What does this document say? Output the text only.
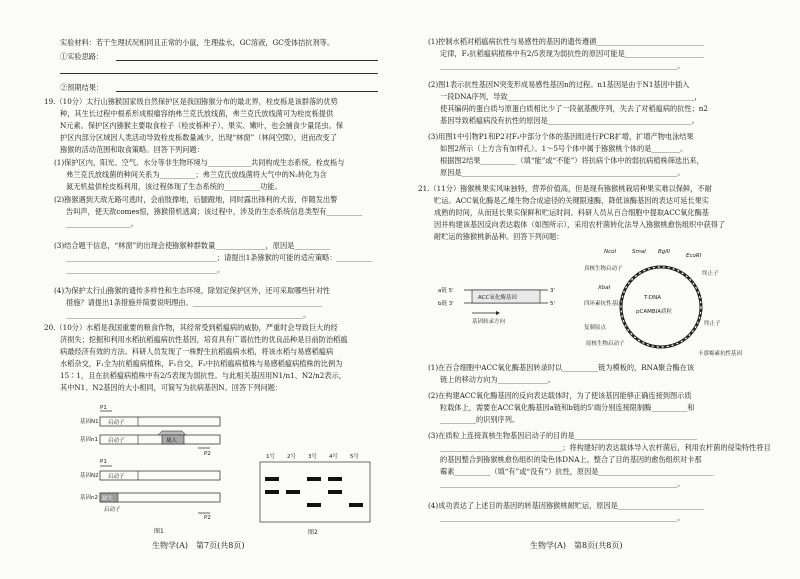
实验材料：若干生理状况相同且正常的小鼠，生理盐水，GC溶液，GC受体拮抗剂等。
①实验思路：
②预期结果：
19.（10分）太行山猕猴国家级自然保护区是我国猕猴分布的最北界，栓皮栎是该群落的优势
种，其生长过程中根系形成根瘤容纳弗兰克氏放线菌，弗兰克氏放线菌可为栓皮栎提供
N元素。保护区内猕猴主要取食栓子（栓皮栎种子）、果实、嫩叶，也会捕食少量昆虫。保
护区内部分区域因人类活动导致栓皮栎数量减少，出现“林窗”（林间空隙），进而改变了
猕猴的活动范围和取食策略。回答下列问题：
(1)保护区内，阳光、空气、水分等非生物环境与____________共同构成生态系统。栓皮栎与
弗兰克氏放线菌的种间关系为__________；弗兰克氏放线菌将大气中的N₂转化为含
氮无机盐供栓皮栎利用，该过程体现了生态系统的__________功能。
(2)猕猴遇到天敌无路可逃时，会前肢撑地，后腿蹬地，同时露出锋利的犬齿，伴随发出警
告叫声，使天敌comes惊，猕猴借机逃离；该过程中，涉及的生态系统信息类型有__________
__________________。
(3)结合题干信息，“林窗”的出现会使猕猴种群数量______________，原因是__________
__________________________________________；请提出1条猕猴的可能的适应策略：__________
__________________________________________。
(4)为保护太行山猕猴的遗传多样性和生态环境，除划定保护区外，还可采取哪些针对性
措施？请提出1条措施并简要说明理由。____________________________________
__________________________________________________________________。
20.（10分）水稻是我国重要的粮食作物，其经常受到稻瘟病的威胁，严重时会导致巨大的经
济损失；挖掘和利用水稻抗稻瘟病抗性基因，培育具有广谱抗性的优良品种是目前防治稻瘟
病最经济有效的方法。科研人员发现了一株野生抗稻瘟病水稻，将该水稻与易感稻瘟病
水稻杂交，F₁全为抗稻瘟病植株，F₁自交，F₂中抗稻瘟病植株与易感稻瘟病植株的比例为
15∶1，且在抗稻瘟病植株中有2/5表现为弱抗性。与此相关基因用N1/n1、N2/n2表示，
其中N1、N2基因的大小相同，可简写为抗病基因N。回答下列问题：
P1
基因N1 启动子
基因n1 启动子	插入
P2
P1
基因N2 启动子
基因n2 缺失
启动子
P2
图1
1号 2号 3号 4号 5号
图2
生物学(A)　第7页(共8页)
(1)控制水稻对稻瘟病抗性与易感性的基因的遗传遵循______________________________
定律，F₂抗稻瘟病植株中有2/5表现为弱抗性的原因可能是______________________
__________________________________________________________________。
(2)图1表示抗性基因N突变形成易感性基因n的过程。n1基因是由于N1基因中插入
一段DNA序列，导致____________________________________________________，
使其编码的蛋白质与原蛋白质相比少了一段氨基酸序列，失去了对稻瘟病的抗性；n2
基因导致稻瘟病没有抗性的原因是________________________________________。
(3)用图1中引物P1和P2对F₂中部分个体的基因组进行PCR扩增，扩增产物电泳结果
如图2所示（上方含有加样孔）。1～5号个体中属于猕猴桃个体的是________。
根据图2结果__________（填“能”或“不能”）将抗病个体中的弱抗病植株筛选出来，
原因是____________________________________________________________。
21.（11分）猕猴桃果实风味独特，营养价值高，但是现有猕猴桃栽培种果实难以保鲜，不耐
贮运。ACC氧化酶是乙烯生物合成途径的关键限速酶，降低该酶基因的表达可延长果实
成熟的时间，从而延长果实保鲜和贮运时间。科研人员从百合细胞中提取ACC氧化酶基
因并构建该基因反向表达载体（如图所示），采用农杆菌转化法导入猕猴桃愈伤组织中获得了
耐贮运的猕猴桃新品种。回答下列问题：
a链 5'
b链 3'
ACC氧化酶基因
3'
5'
基因转录方向
T-DNA
pCAMBIA质粒
真核生物启动子
NcoI	SmaI BglII
EcoRI
XbaI
终止子
四环素抗性基因
复制原点
终止子
原核生物启动子
卡那霉素抗性基因
(1)在百合细胞中ACC氧化酶基因转录时以__________链为模板的，RNA聚合酶在该
链上的移动方向为______________。
(2)在构建ACC氧化酶基因的反向表达载体时，为了使该基因能够正确连接到图示质
粒载体上，需要在ACC氧化酶基因a链和b链的5'端分别连接限制酶__________和
__________的识别序列。
(3)在质粒上连接真核生物基因启动子的目的是__________________________________
__________________________________；将构建好的表达载体导入农杆菌后，利用农杆菌的侵染特性将目
的基因整合到猕猴桃愈伤组织的染色体DNA上。整合了目的基因的愈伤组织对卡那
霉素__________（填“有”或“没有”）抗性，原因是________________________________
__________________________________________________________________。
(4)成功表达了上述目的基因的转基因猕猴桃耐贮运，原因是________________________
__________________________________________________________________。
生物学(A)　第8页(共8页)
